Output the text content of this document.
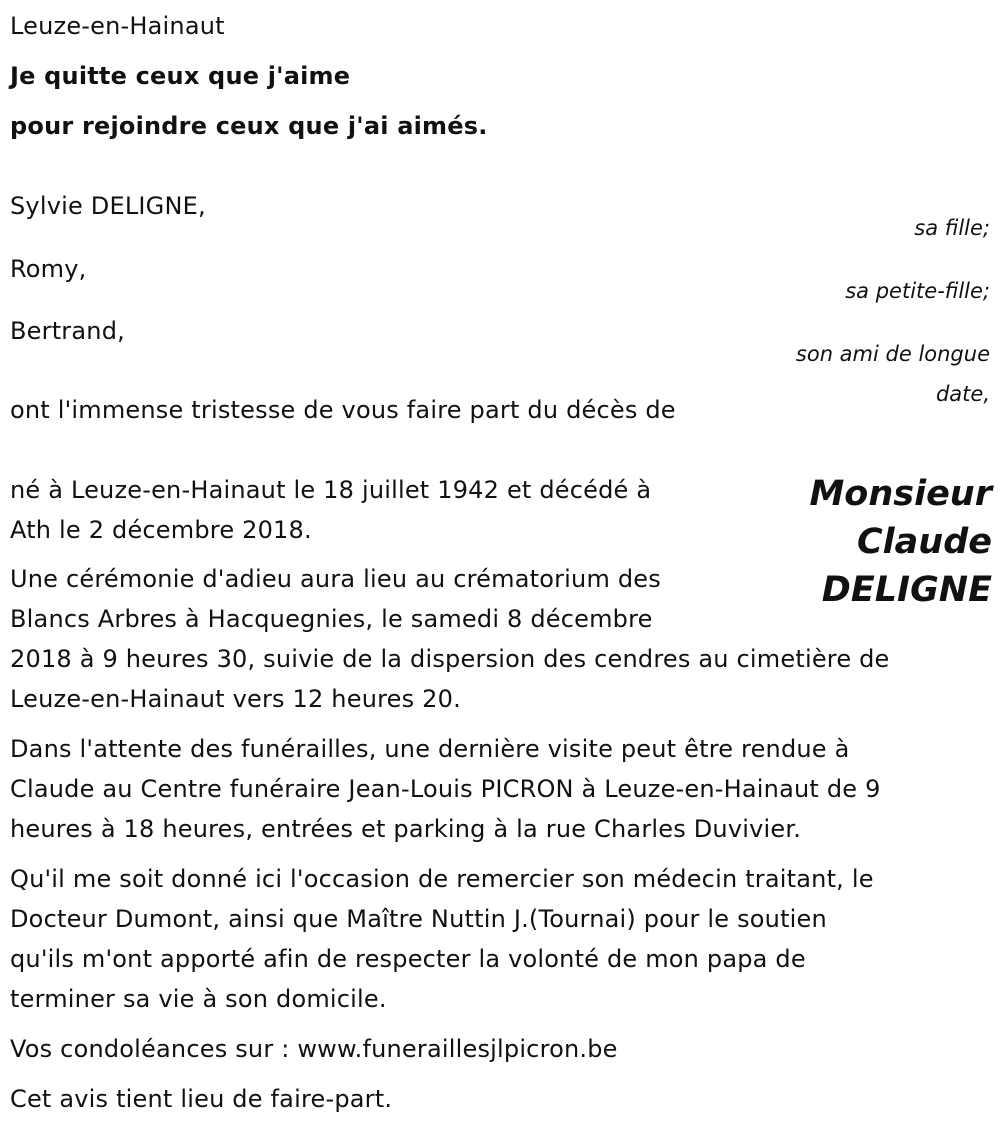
Leuze-en-Hainaut
Je quitte ceux que j'aime
pour rejoindre ceux que j'ai aimés.
Sylvie DELIGNE,
sa fille;
Romy,
sa petite-fille;
Bertrand,
son ami de longue
date,
ont l'immense tristesse de vous faire part du décès de
Monsieur
Claude
DELIGNE
né à Leuze-en-Hainaut le 18 juillet 1942 et décédé à
Ath le 2 décembre 2018.
Une cérémonie d'adieu aura lieu au crématorium des
Blancs Arbres à Hacquegnies, le samedi 8 décembre
2018 à 9 heures 30, suivie de la dispersion des cendres au cimetière de
Leuze-en-Hainaut vers 12 heures 20.
Dans l'attente des funérailles, une dernière visite peut être rendue à
Claude au Centre funéraire Jean-Louis PICRON à Leuze-en-Hainaut de 9
heures à 18 heures, entrées et parking à la rue Charles Duvivier.
Qu'il me soit donné ici l'occasion de remercier son médecin traitant, le
Docteur Dumont, ainsi que Maître Nuttin J.(Tournai) pour le soutien
qu'ils m'ont apporté afin de respecter la volonté de mon papa de
terminer sa vie à son domicile.
Vos condoléances sur : www.funeraillesjlpicron.be
Cet avis tient lieu de faire-part.
